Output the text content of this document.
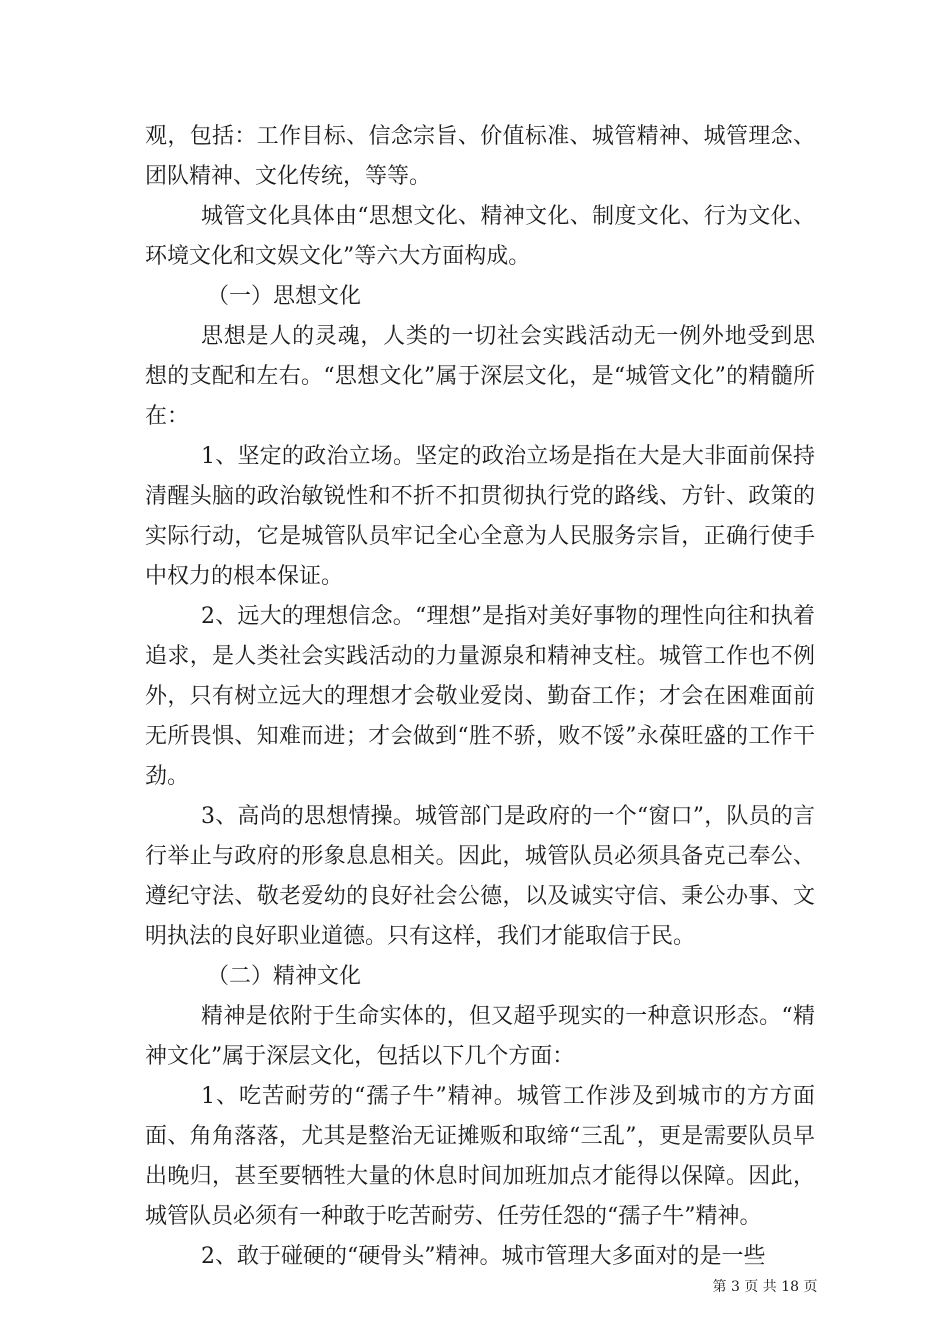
观，包括：工作目标、信念宗旨、价值标准、城管精神、城管理念、团队精神、文化传统，等等。

城管文化具体由“思想文化、精神文化、制度文化、行为文化、环境文化和文娱文化”等六大方面构成。

（一）思想文化

思想是人的灵魂，人类的一切社会实践活动无一例外地受到思想的支配和左右。“思想文化”属于深层文化，是“城管文化”的精髓所在：

1、坚定的政治立场。坚定的政治立场是指在大是大非面前保持清醒头脑的政治敏锐性和不折不扣贯彻执行党的路线、方针、政策的实际行动，它是城管队员牢记全心全意为人民服务宗旨，正确行使手中权力的根本保证。

2、远大的理想信念。“理想”是指对美好事物的理性向往和执着追求，是人类社会实践活动的力量源泉和精神支柱。城管工作也不例外，只有树立远大的理想才会敬业爱岗、勤奋工作；才会在困难面前无所畏惧、知难而进；才会做到“胜不骄，败不馁”永葆旺盛的工作干劲。

3、高尚的思想情操。城管部门是政府的一个“窗口”，队员的言行举止与政府的形象息息相关。因此，城管队员必须具备克己奉公、遵纪守法、敬老爱幼的良好社会公德，以及诚实守信、秉公办事、文明执法的良好职业道德。只有这样，我们才能取信于民。

（二）精神文化

精神是依附于生命实体的，但又超乎现实的一种意识形态。“精神文化”属于深层文化，包括以下几个方面：

1、吃苦耐劳的“孺子牛”精神。城管工作涉及到城市的方方面面、角角落落，尤其是整治无证摊贩和取缔“三乱”，更是需要队员早出晚归，甚至要牺牲大量的休息时间加班加点才能得以保障。因此，城管队员必须有一种敢于吃苦耐劳、任劳任怨的“孺子牛”精神。

2、敢于碰硬的“硬骨头”精神。城市管理大多面对的是一些

第 3 页 共 18 页
